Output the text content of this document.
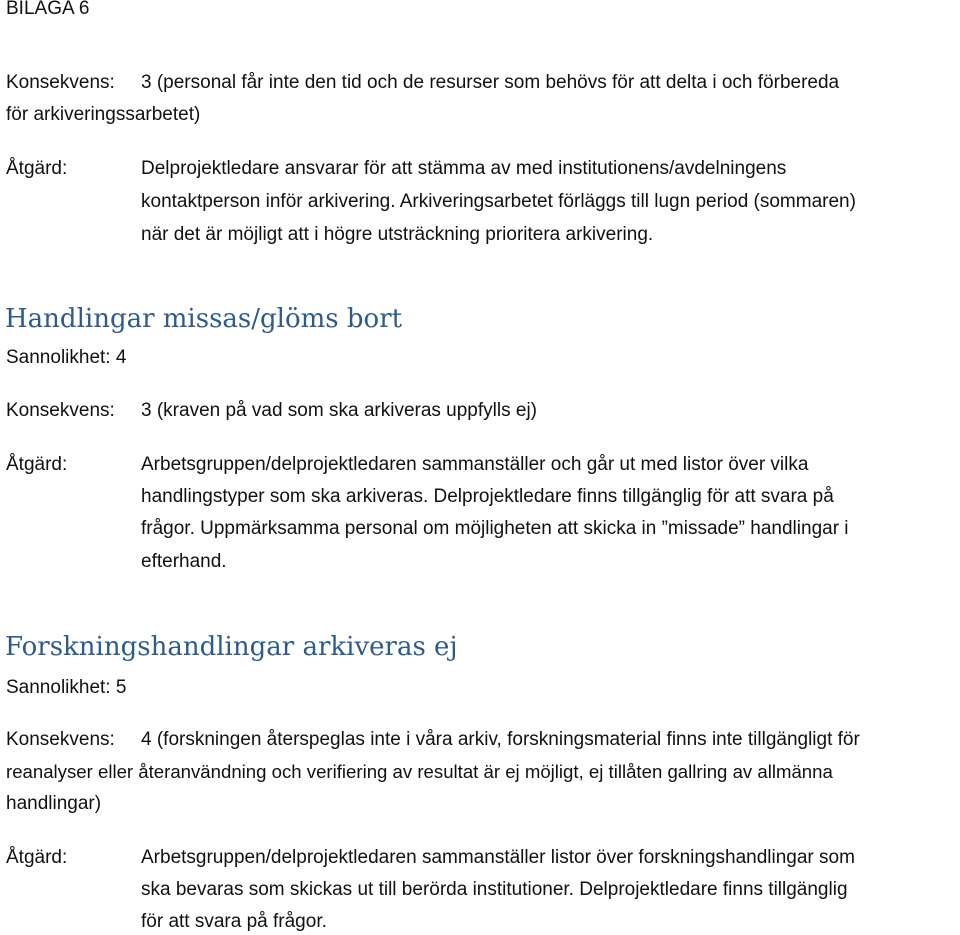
BILAGA 6
Konsekvens: 3 (personal får inte den tid och de resurser som behövs för att delta i och förbereda
för arkiveringssarbetet)
Åtgärd:	Delprojektledare ansvarar för att stämma av med institutionens/avdelningens
kontaktperson inför arkivering. Arkiveringsarbetet förläggs till lugn period (sommaren)
när det är möjligt att i högre utsträckning prioritera arkivering.
Handlingar missas/glöms bort
Sannolikhet: 4
Konsekvens: 3 (kraven på vad som ska arkiveras uppfylls ej)
Åtgärd:	Arbetsgruppen/delprojektledaren sammanställer och går ut med listor över vilka
handlingstyper som ska arkiveras. Delprojektledare finns tillgänglig för att svara på
frågor. Uppmärksamma personal om möjligheten att skicka in ”missade” handlingar i
efterhand.
Forskningshandlingar arkiveras ej
Sannolikhet: 5
Konsekvens: 4 (forskningen återspeglas inte i våra arkiv, forskningsmaterial finns inte tillgängligt för
reanalyser eller återanvändning och verifiering av resultat är ej möjligt, ej tillåten gallring av allmänna
handlingar)
Åtgärd:	Arbetsgruppen/delprojektledaren sammanställer listor över forskningshandlingar som
ska bevaras som skickas ut till berörda institutioner. Delprojektledare finns tillgänglig
för att svara på frågor.
